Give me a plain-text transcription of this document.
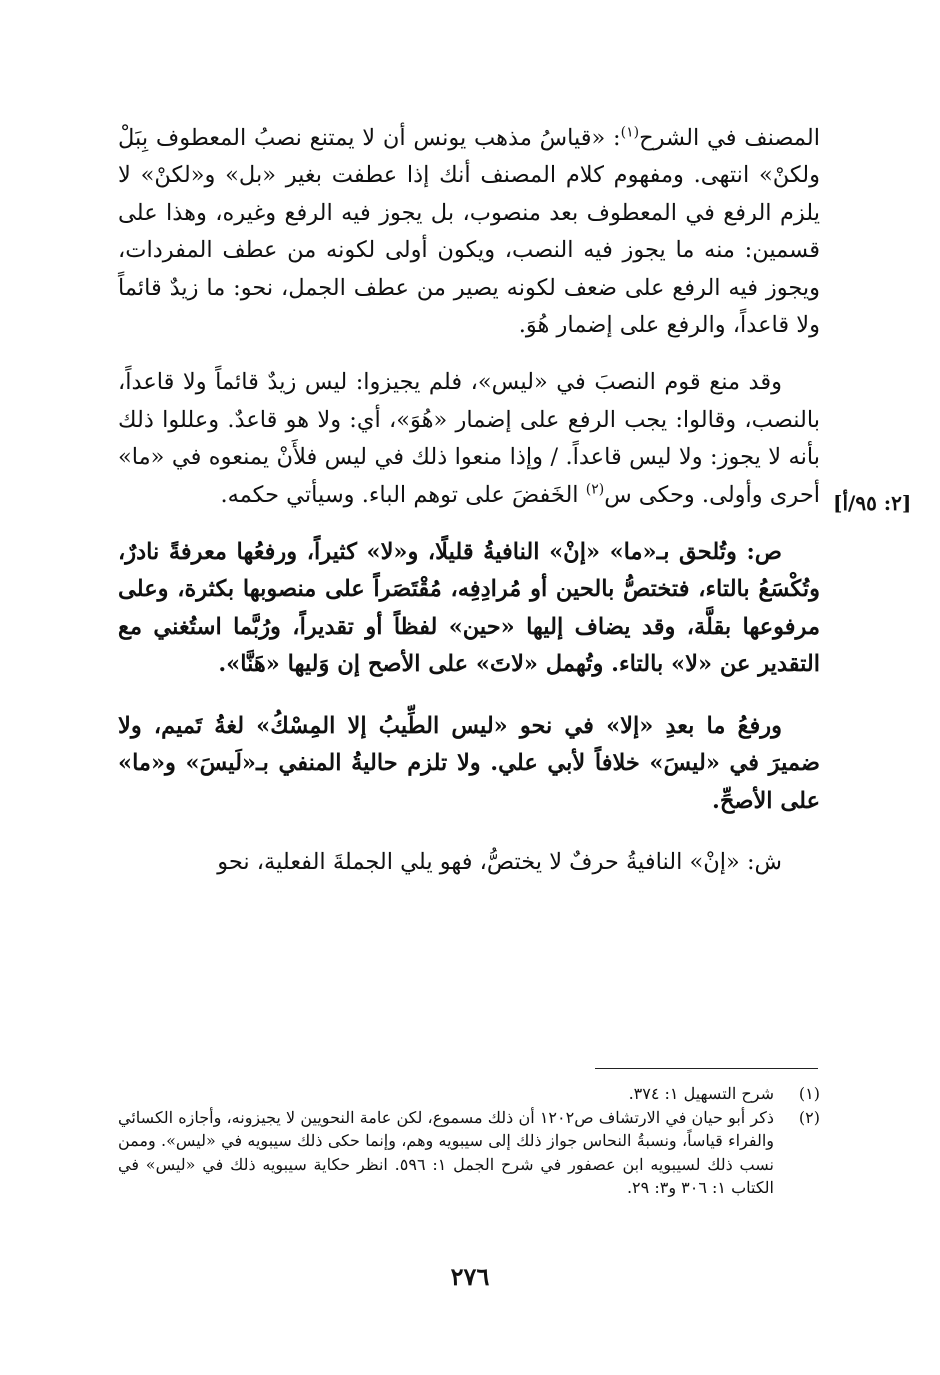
المصنف في الشرح$^{(١)}$: «قياسُ مذهب يونس أن لا يمتنع نصبُ المعطوف بِبَلْ ولكنْ» انتهى. ومفهوم كلام المصنف أنك إذا عطفت بغير «بل» و«لكنْ» لا يلزم الرفع في المعطوف بعد منصوب، بل يجوز فيه الرفع وغيره، وهذا على قسمين: منه ما يجوز فيه النصب، ويكون أولى لكونه من عطف المفردات، ويجوز فيه الرفع على ضعف لكونه يصير من عطف الجمل، نحو: ما زيدٌ قائماً ولا قاعداً، والرفع على إضمار هُوَ.

وقد منع قوم النصبَ في «ليس»، فلم يجيزوا: ليس زيدٌ قائماً ولا قاعداً، بالنصب، وقالوا: يجب الرفع على إضمار «هُوَ»، أي: ولا هو قاعدٌ. وعللوا ذلك بأنه لا يجوز: ولا ليس قاعداً. / وإذا منعوا ذلك في ليس فلأَنْ يمنعوه في «ما» أحرى وأولى. وحكى س$^{(٢)}$ الخَفضَ على توهم الباء. وسيأتي حكمه.

ص: وتُلحق بـ«ما» «إنْ» النافيةُ قليلًا، و«لا» كثيراً، ورفعُها معرفةً نادرٌ، وتُكْسَعُ بالتاء، فتختصُّ بالحين أو مُرادِفِه، مُقْتَصَراً على منصوبها بكثرة، وعلى مرفوعها بقلَّة، وقد يضاف إليها «حين» لفظاً أو تقديراً، ورُبَّما استُغني مع التقدير عن «لا» بالتاء. وتُهمل «لاتَ» على الأصح إن وَليها «هَنَّا».

ورفعُ ما بعدِ «إلا» في نحو «ليس الطِّيبُ إلا المِسْكُ» لغةُ تَميم، ولا ضميرَ في «ليسَ» خلافاً لأبي علي. ولا تلزم حاليةُ المنفي بـ«لَيسَ» و«ما» على الأصحِّ.

ش: «إنْ» النافيةُ حرفٌ لا يختصُّ، فهو يلي الجملةَ الفعلية، نحو

[٢: ٩٥/أ]
(١)
شرح التسهيل ١: ٣٧٤.
(٢)
ذكر أبو حيان في الارتشاف ص١٢٠٢ أن ذلك مسموع، لكن عامة النحويين لا يجيزونه، وأجازه الكسائي والفراء قياساً، ونسبةُ النحاس جواز ذلك إلى سيبويه وهم، وإنما حكى ذلك سيبويه في «ليس». وممن نسب ذلك لسيبويه ابن عصفور في شرح الجمل ١: ٥٩٦. انظر حكاية سيبويه ذلك في «ليس» في الكتاب ١: ٣٠٦ و٣: ٢٩.
٢٧٦
